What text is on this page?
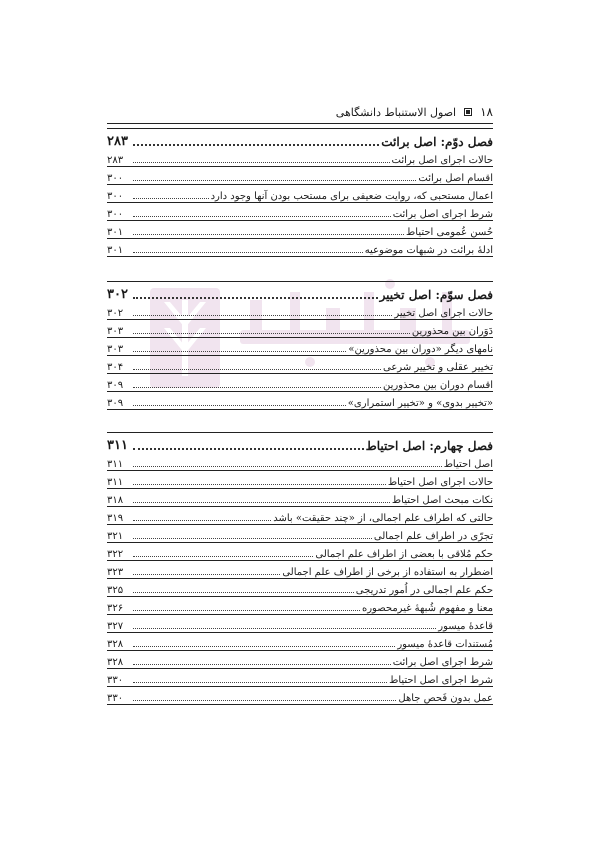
۱۸
اصول الاستنباط دانشگاهی
فصل دوّم: اصل برائت
۲۸۳
حالات اجرای اصل برائت
۲۸۳
اقسام اصل برائت
۳۰۰
اعمال مستحبی که، روایت ضعیفی برای مستحب بودن آنها وجود دارد
۳۰۰
شرط اجرای اصل برائت
۳۰۰
حُسن عُمومی احتیاط
۳۰۱
ادلهٔ برائت در شبهات موضوعیه
۳۰۱
فصل سوّم: اصل تخییر
۳۰۲
حالات اجرای اصل تخییر
۳۰۲
دَوَران بین محذورین
۳۰۳
نامهای دیگر «دوران بین محذورین»
۳۰۳
تخییر عقلی و تخییر شرعی
۳۰۴
اقسام دوران بین محذورین
۳۰۹
«تخییر بدوی» و «تخییر استمراری»
۳۰۹
فصل چهارم: اصل احتیاط
۳۱۱
اصل احتیاط
۳۱۱
حالات اجرای اصل احتیاط
۳۱۱
نکات مبحث اصل احتیاط
۳۱۸
حالتی که اطراف علم اجمالی، از «چند حقیقت» باشد
۳۱۹
تجرّی در اطراف علم اجمالی
۳۲۱
حکم مُلاقی با بعضی از اطراف علم اجمالی
۳۲۲
اضطرار به استفاده از برخی از اطراف علم اجمالی
۳۲۳
حکم علم اجمالی در اُمور تدریجی
۳۲۵
معنا و مفهوم شُبههٔ غیرمحصوره
۳۲۶
قاعدهٔ میسور
۳۲۷
مُستندات قاعدهٔ میسور
۳۲۸
شرط اجرای اصل برائت
۳۲۸
شرط اجرای اصل احتیاط
۳۳۰
عمل بدون فَحص جاهل
۳۳۰
